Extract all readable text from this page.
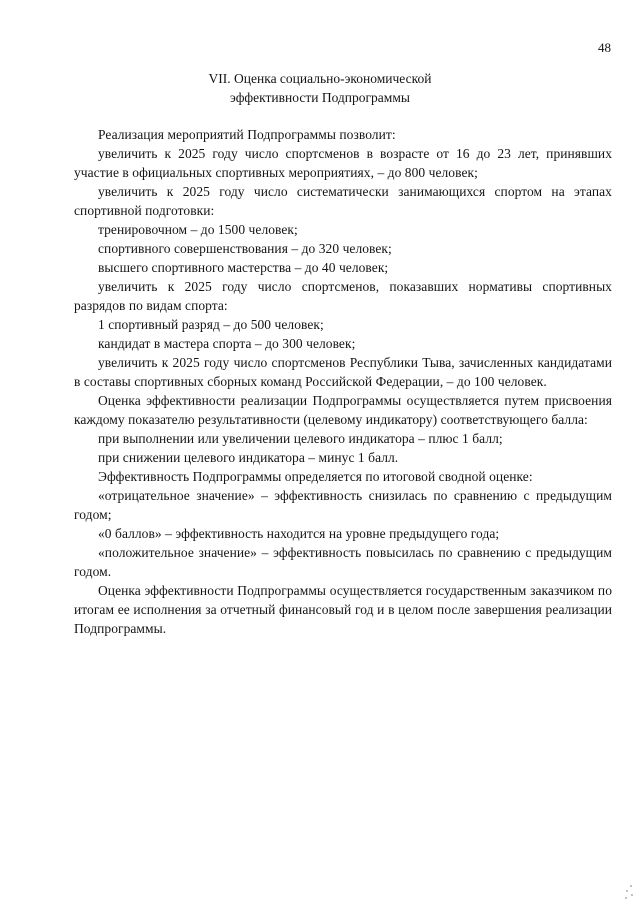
48
VII. Оценка социально-экономической
эффективности Подпрограммы

Реализация мероприятий Подпрограммы позволит:

увеличить к 2025 году число спортсменов в возрасте от 16 до 23 лет, принявших участие в официальных спортивных мероприятиях, – до 800 человек;

увеличить к 2025 году число систематически занимающихся спортом на этапах спортивной подготовки:

тренировочном – до 1500 человек;

спортивного совершенствования – до 320 человек;

высшего спортивного мастерства – до 40 человек;

увеличить к 2025 году число спортсменов, показавших нормативы спортивных разрядов по видам спорта:

1 спортивный разряд – до 500 человек;

кандидат в мастера спорта – до 300 человек;

увеличить к 2025 году число спортсменов Республики Тыва, зачисленных кандидатами в составы спортивных сборных команд Российской Федерации, – до 100 человек.

Оценка эффективности реализации Подпрограммы осуществляется путем присвоения каждому показателю результативности (целевому индикатору) соответствующего балла:

при выполнении или увеличении целевого индикатора – плюс 1 балл;

при снижении целевого индикатора – минус 1 балл.

Эффективность Подпрограммы определяется по итоговой сводной оценке:

«отрицательное значение» – эффективность снизилась по сравнению с предыдущим годом;

«0 баллов» – эффективность находится на уровне предыдущего года;

«положительное значение» – эффективность повысилась по сравнению с предыдущим годом.

Оценка эффективности Подпрограммы осуществляется государственным заказчиком по итогам ее исполнения за отчетный финансовый год и в целом после завершения реализации Подпрограммы.
